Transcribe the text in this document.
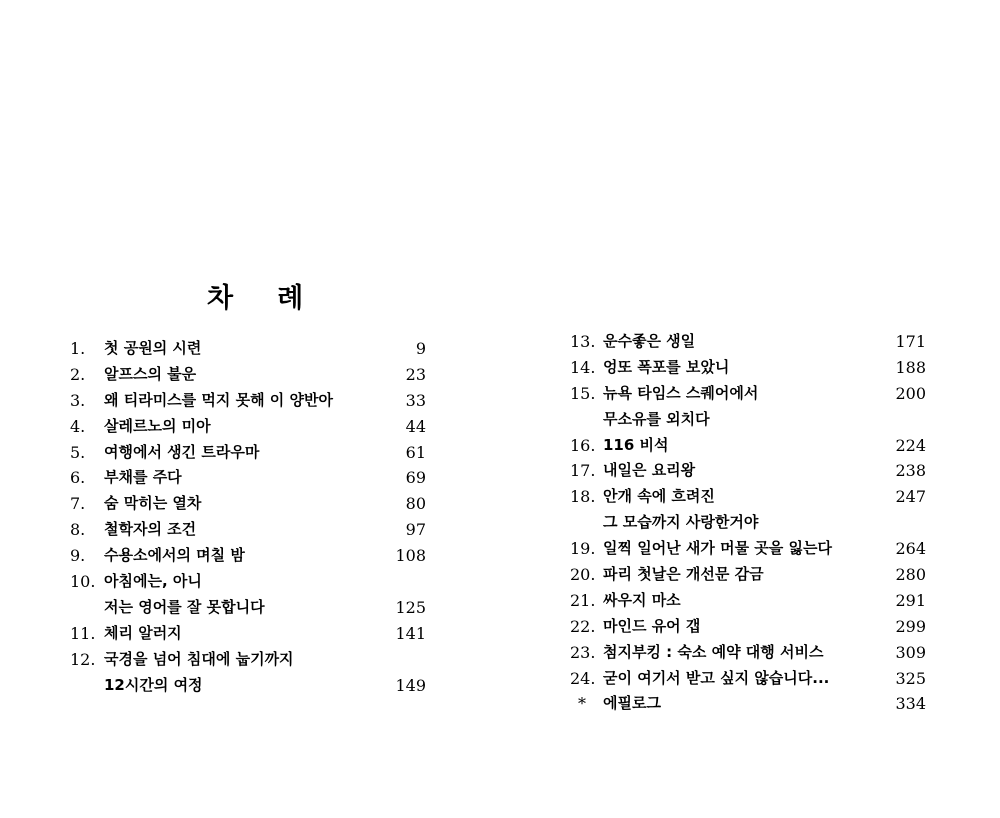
차 례
1. 첫 공원의 시련	9
2. 알프스의 불운	23
3. 왜 티라미스를 먹지 못해 이 양반아	33
4. 살레르노의 미아	44
5. 여행에서 생긴 트라우마	61
6. 부채를 주다	69
7. 숨 막히는 열차	80
8. 철학자의 조건	97
9. 수용소에서의 며칠 밤	108
10. 아침에는, 아니
저는 영어를 잘 못합니다	125
11. 체리 알러지	141
12. 국경을 넘어 침대에 눕기까지
12시간의 여정	149
13. 운수좋은 생일	171
14. 엉또 폭포를 보았니	188
15. 뉴욕 타임스 스퀘어에서	200
무소유를 외치다
16. 116 비석	224
17. 내일은 요리왕	238
18. 안개 속에 흐려진	247
그 모습까지 사랑한거야
19. 일찍 일어난 새가 머물 곳을 잃는다	264
20. 파리 첫날은 개선문 감금	280
21. 싸우지 마소	291
22. 마인드 유어 갭	299
23. 첨지부킹 : 숙소 예약 대행 서비스	309
24. 굳이 여기서 받고 싶지 않습니다...	325
* 에필로그	334
